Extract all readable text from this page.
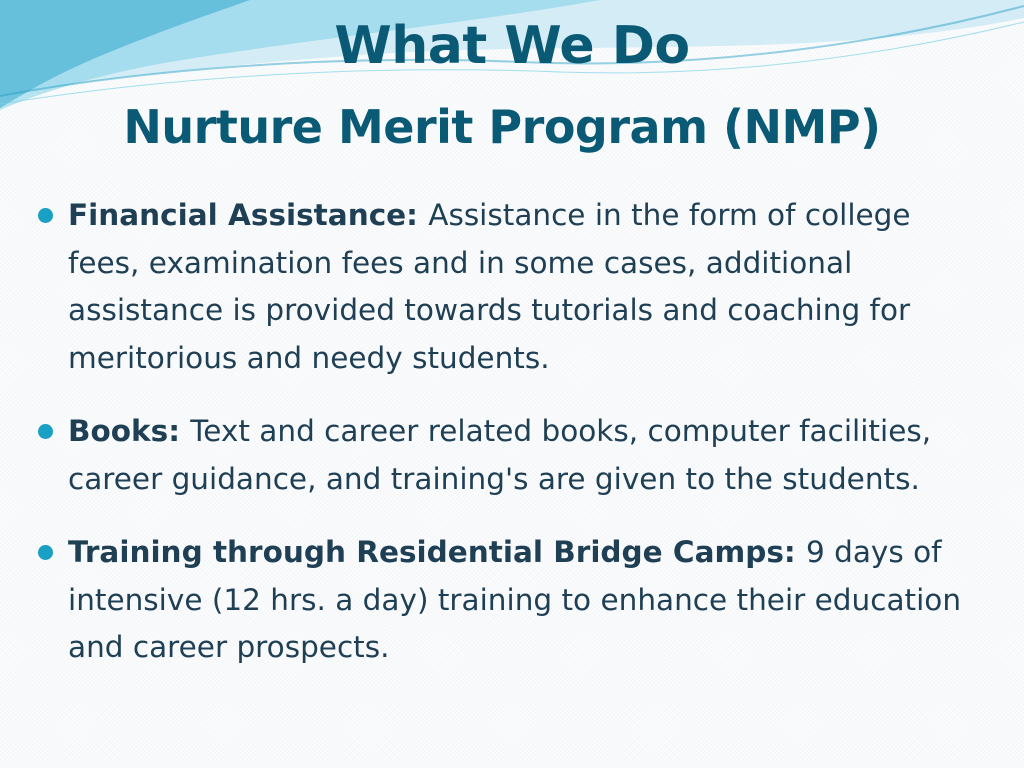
What We Do
Nurture Merit Program (NMP)
Financial Assistance: Assistance in the form of college fees, examination fees and in some cases, additional assistance is provided towards tutorials and coaching for meritorious and needy students.
Books: Text and career related books, computer facilities, career guidance, and training's are given to the students.
Training through Residential Bridge Camps: 9 days of intensive (12 hrs. a day) training to enhance their education and career prospects.
